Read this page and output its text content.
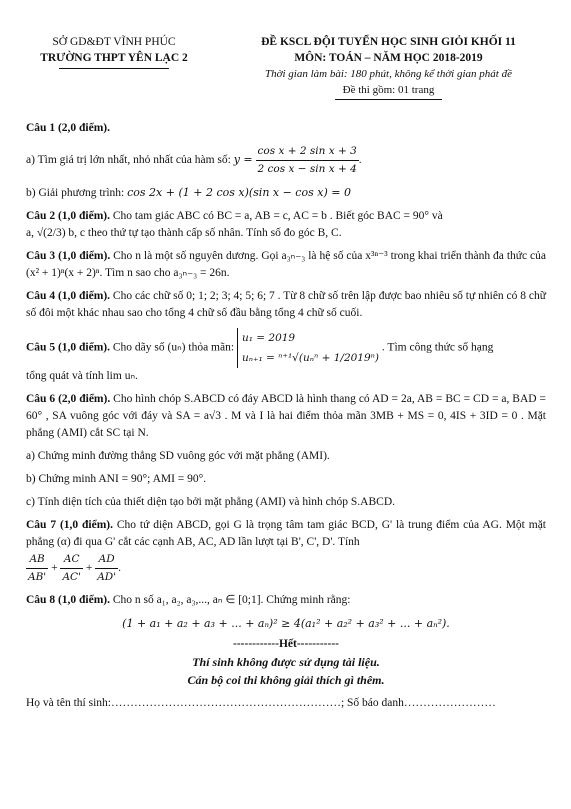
SỞ GD&ĐT VĨNH PHÚC
TRƯỜNG THPT YÊN LẠC 2
ĐỀ KSCL ĐỘI TUYỂN HỌC SINH GIỎI KHỐI 11
MÔN: TOÁN – NĂM HỌC 2018-2019
Thời gian làm bài: 180 phút, không kể thời gian phát đề
Đề thi gồm: 01 trang
Câu 1 (2,0 điểm).
a) Tìm giá trị lớn nhất, nhỏ nhất của hàm số: $y = \frac{\text{cos x + 2 sin x + 3}}{\text{2 cos x − sin x + 4}}$ .
b) Giải phương trình: cos 2x + (1 + 2 cos x)(sin x − cos x) = 0
Câu 2 (1,0 điểm). Cho tam giác ABC có BC = a, AB = c, AC = b . Biết góc BAC = 90° và
a, √(2/3) b, c theo thứ tự tạo thành cấp số nhân. Tính số đo góc B, C.
Câu 3 (1,0 điểm). Cho n là một số nguyên dương. Gọi a₃ₙ₋₃ là hệ số của x³ⁿ⁻³ trong khai triển thành đa thức của (x² + 1)ⁿ(x + 2)ⁿ. Tìm n sao cho a₃ₙ₋₃ = 26n.
Câu 4 (1,0 điểm). Cho các chữ số 0; 1; 2; 3; 4; 5; 6; 7 . Từ 8 chữ số trên lập được bao nhiêu số tự nhiên có 8 chữ số đôi một khác nhau sao cho tổng 4 chữ số đầu bằng tổng 4 chữ số cuối.
Câu 5 (1,0 điểm). Cho dãy số (uₙ) thỏa mãn: u₁ = 2019
uₙ₊₁ = ⁿ⁺¹√(uₙⁿ + 1/2019ⁿ) . Tìm công thức số hạng
tổng quát và tính lim uₙ.
Câu 6 (2,0 điểm). Cho hình chóp S.ABCD có đáy ABCD là hình thang có AD = 2a, AB = BC = CD = a, BAD = 60° , SA vuông góc với đáy và SA = a√3 . M và I là hai điểm thỏa mãn 3MB + MS = 0, 4IS + 3ID = 0 . Mặt phẳng (AMI) cắt SC tại N.
a) Chứng minh đường thẳng SD vuông góc với mặt phẳng (AMI).
b) Chứng minh ANI = 90°; AMI = 90°.
c) Tính diện tích của thiết diện tạo bởi mặt phẳng (AMI) và hình chóp S.ABCD.
Câu 7 (1,0 điểm). Cho tứ diện ABCD, gọi G là trọng tâm tam giác BCD, G' là trung điểm của AG. Một mặt phẳng (α) đi qua G' cắt các cạnh AB, AC, AD lần lượt tại B', C', D'. Tính

$\frac{AB}{AB'} + \frac{AC}{AC'} + \frac{AD}{AD'}$ .
Câu 8 (1,0 điểm). Cho n số a₁, a₂, a₃,..., aₙ ∈ [0;1]. Chứng minh rằng:
(1 + a₁ + a₂ + a₃ + ... + aₙ)² ≥ 4(a₁² + a₂² + a₃² + ... + aₙ²).
------------Hết-----------
Thí sinh không được sử dụng tài liệu.
Cán bộ coi thi không giải thích gì thêm.
Họ và tên thí sinh:……………………………………………………; Số báo danh……………………
